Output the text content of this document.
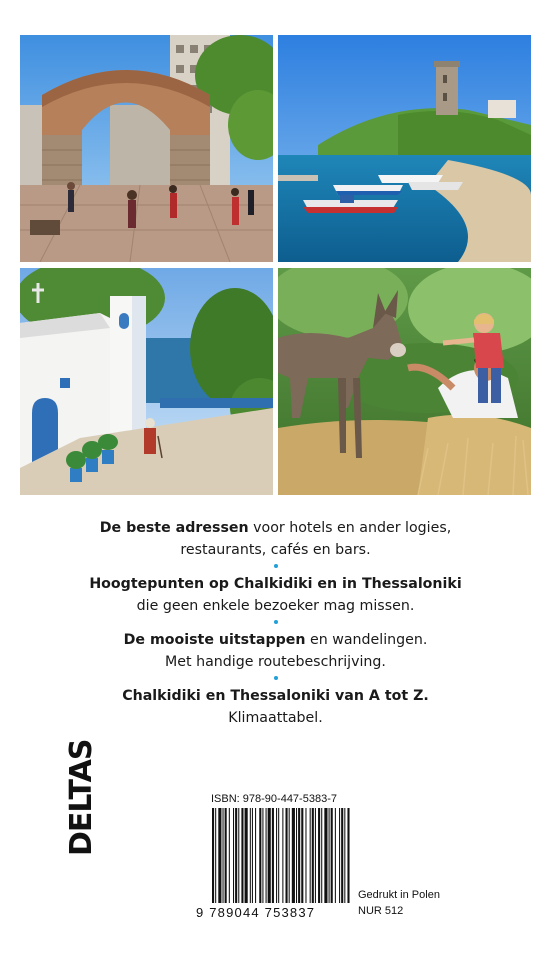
De beste adressen voor hotels en ander logies,
restaurants, cafés en bars.
Hoogtepunten op Chalkidiki en in Thessaloniki
die geen enkele bezoeker mag missen.
De mooiste uitstappen en wandelingen.
Met handige routebeschrijving.
Chalkidiki en Thessaloniki van A tot Z.
Klimaattabel.
DELTAS	ISBN: 978-90-447-5383-7
9 789044 753837
Gedrukt in Polen
NUR 512
